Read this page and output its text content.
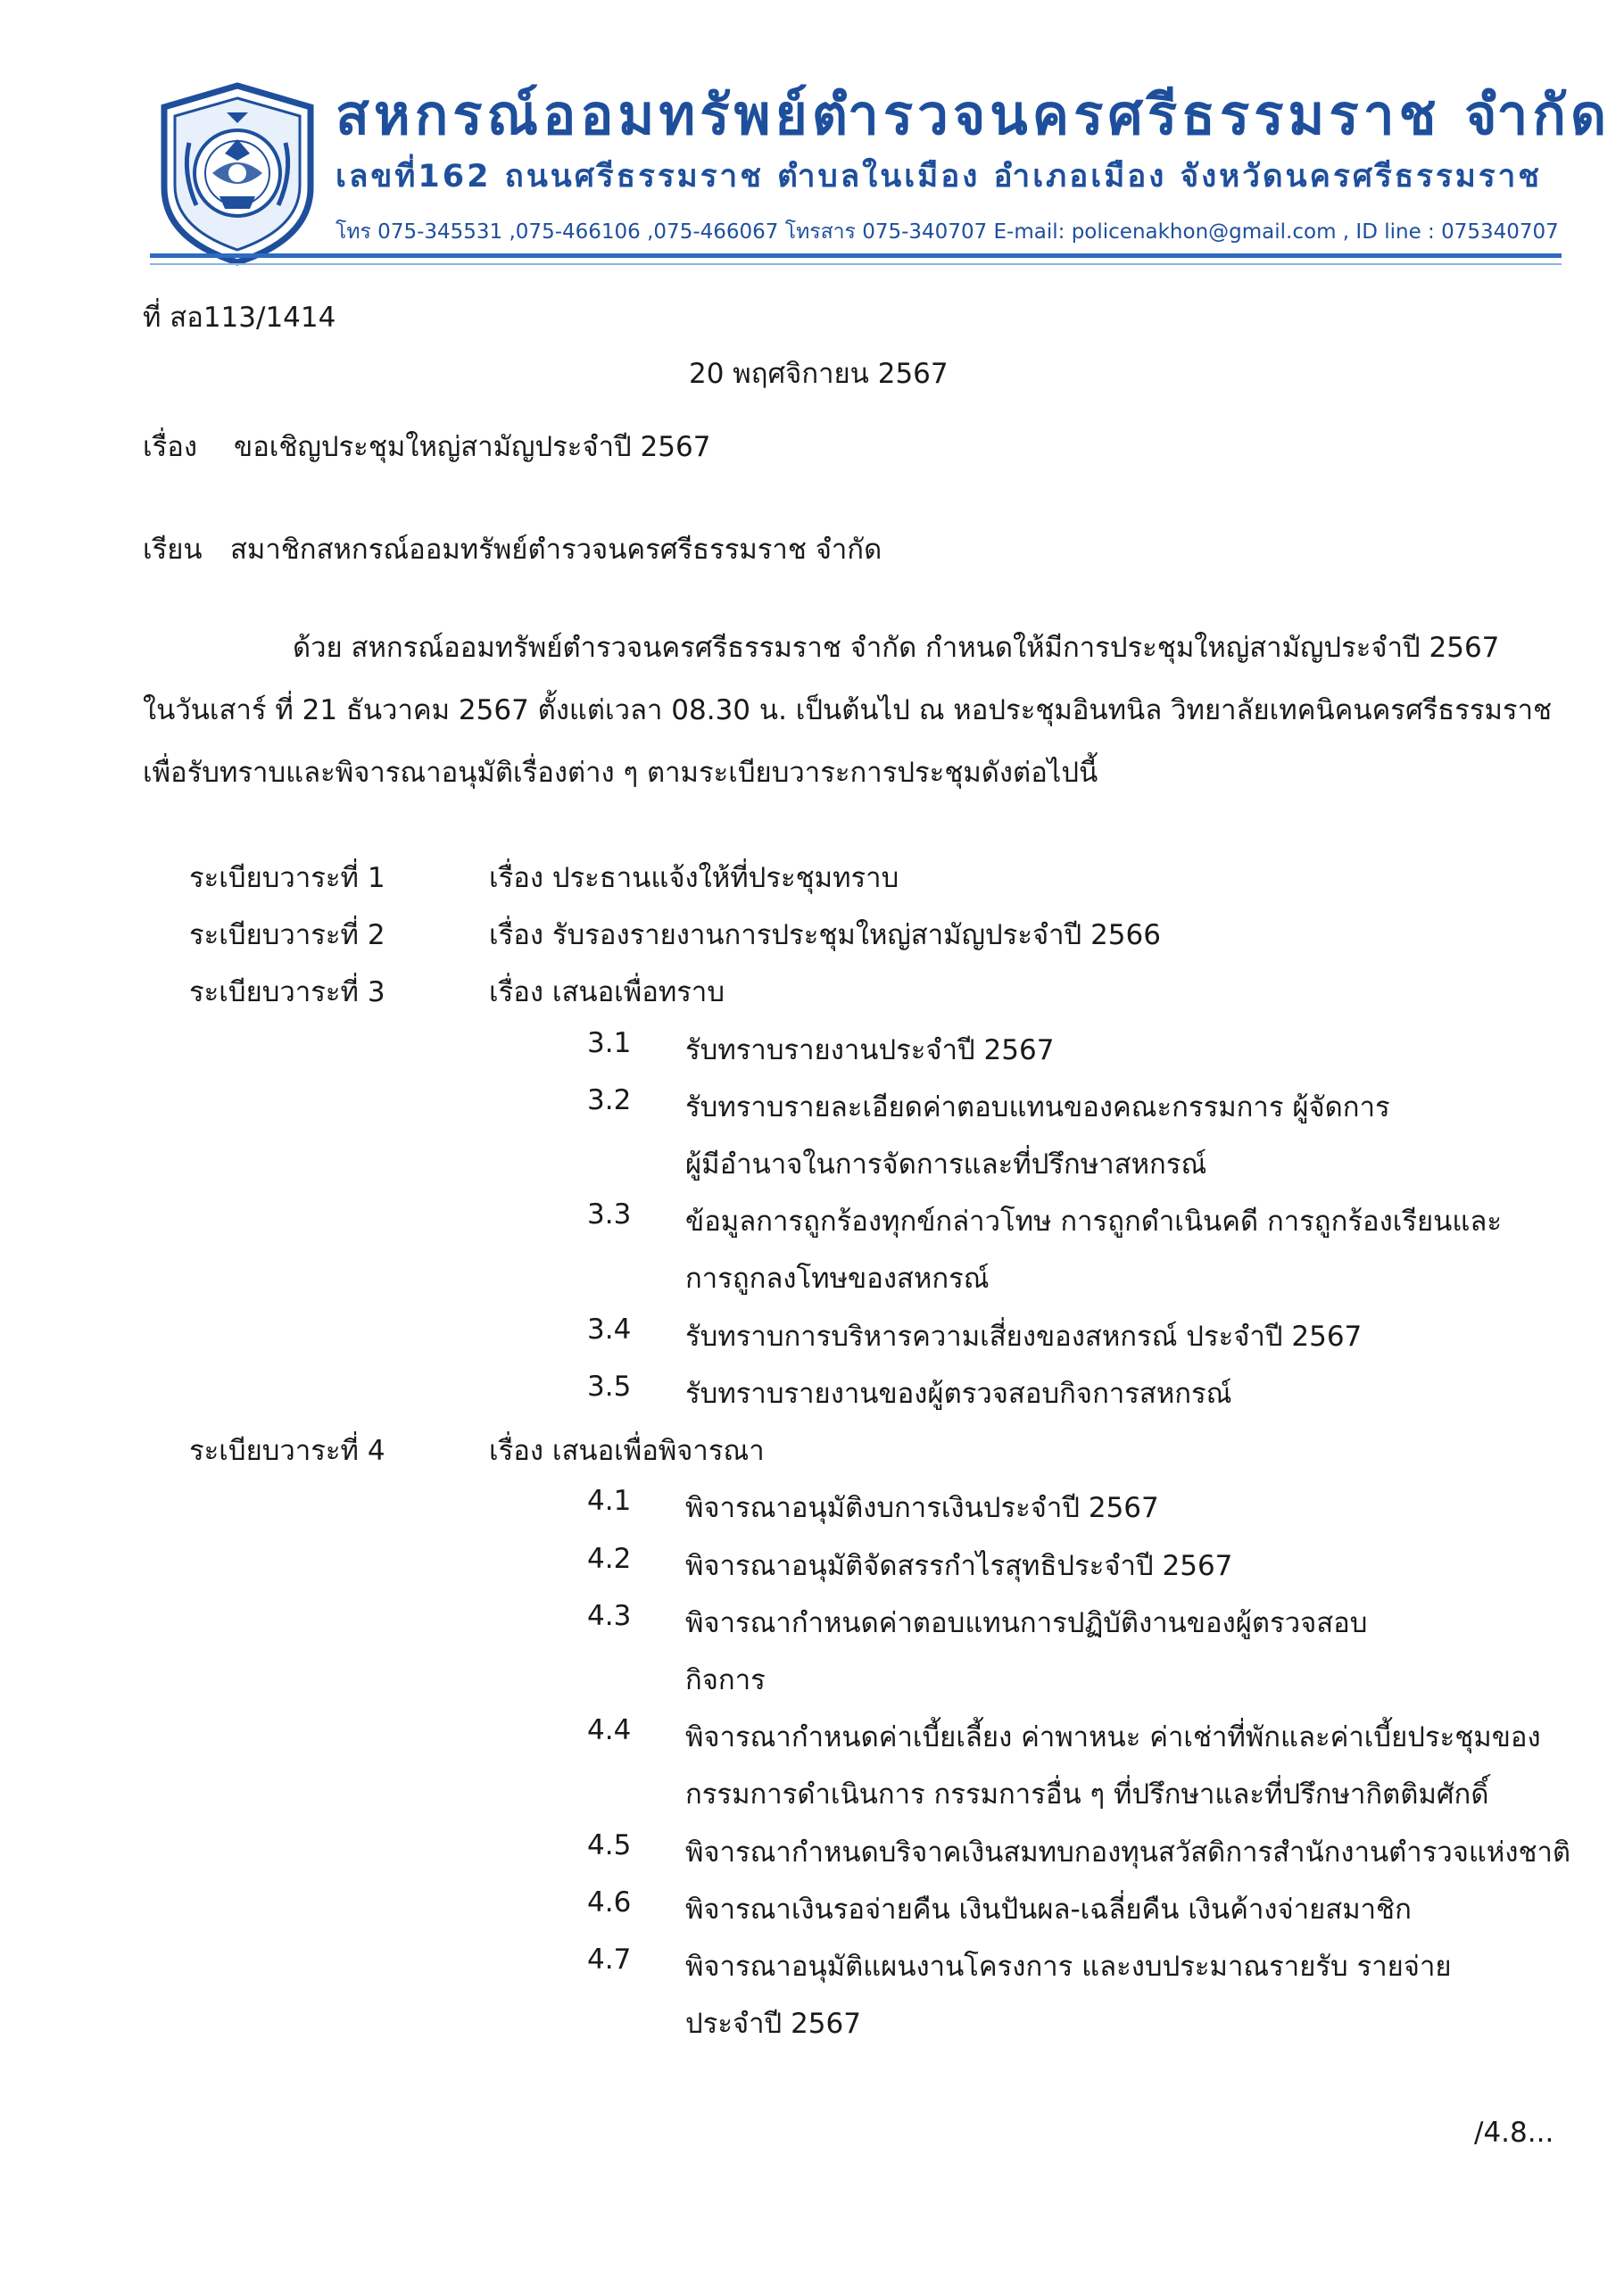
สหกรณ์ออมทรัพย์ตำรวจนครศรีธรรมราช จำกัด
เลขที่162 ถนนศรีธรรมราช ตำบลในเมือง อำเภอเมือง จังหวัดนครศรีธรรมราช
โทร 075-345531 ,075-466106 ,075-466067 โทรสาร 075-340707 E-mail: policenakhon@gmail.com , ID line : 075340707
ที่ สอ113/1414
20 พฤศจิกายน 2567
เรื่อง ขอเชิญประชุมใหญ่สามัญประจำปี 2567
เรียน สมาชิกสหกรณ์ออมทรัพย์ตำรวจนครศรีธรรมราช จำกัด
ด้วย สหกรณ์ออมทรัพย์ตำรวจนครศรีธรรมราช จำกัด กำหนดให้มีการประชุมใหญ่สามัญประจำปี 2567
ในวันเสาร์ ที่ 21 ธันวาคม 2567 ตั้งแต่เวลา 08.30 น. เป็นต้นไป ณ หอประชุมอินทนิล วิทยาลัยเทคนิคนครศรีธรรมราช
เพื่อรับทราบและพิจารณาอนุมัติเรื่องต่าง ๆ ตามระเบียบวาระการประชุมดังต่อไปนี้
ระเบียบวาระที่ 1	เรื่อง ประธานแจ้งให้ที่ประชุมทราบ
ระเบียบวาระที่ 2	เรื่อง รับรองรายงานการประชุมใหญ่สามัญประจำปี 2566
ระเบียบวาระที่ 3	เรื่อง เสนอเพื่อทราบ
3.1 รับทราบรายงานประจำปี 2567
3.2 รับทราบรายละเอียดค่าตอบแทนของคณะกรรมการ ผู้จัดการ
ผู้มีอำนาจในการจัดการและที่ปรึกษาสหกรณ์
3.3 ข้อมูลการถูกร้องทุกข์กล่าวโทษ การถูกดำเนินคดี การถูกร้องเรียนและ
การถูกลงโทษของสหกรณ์
3.4 รับทราบการบริหารความเสี่ยงของสหกรณ์ ประจำปี 2567
3.5 รับทราบรายงานของผู้ตรวจสอบกิจการสหกรณ์
ระเบียบวาระที่ 4	เรื่อง เสนอเพื่อพิจารณา
4.1 พิจารณาอนุมัติงบการเงินประจำปี 2567
4.2 พิจารณาอนุมัติจัดสรรกำไรสุทธิประจำปี 2567
4.3 พิจารณากำหนดค่าตอบแทนการปฏิบัติงานของผู้ตรวจสอบ
กิจการ
4.4 พิจารณากำหนดค่าเบี้ยเลี้ยง ค่าพาหนะ ค่าเช่าที่พักและค่าเบี้ยประชุมของ
กรรมการดำเนินการ กรรมการอื่น ๆ ที่ปรึกษาและที่ปรึกษากิตติมศักดิ์
4.5 พิจารณากำหนดบริจาคเงินสมทบกองทุนสวัสดิการสำนักงานตำรวจแห่งชาติ
4.6 พิจารณาเงินรอจ่ายคืน เงินปันผล-เฉลี่ยคืน เงินค้างจ่ายสมาชิก
4.7 พิจารณาอนุมัติแผนงานโครงการ และงบประมาณรายรับ รายจ่าย
ประจำปี 2567
/4.8...
